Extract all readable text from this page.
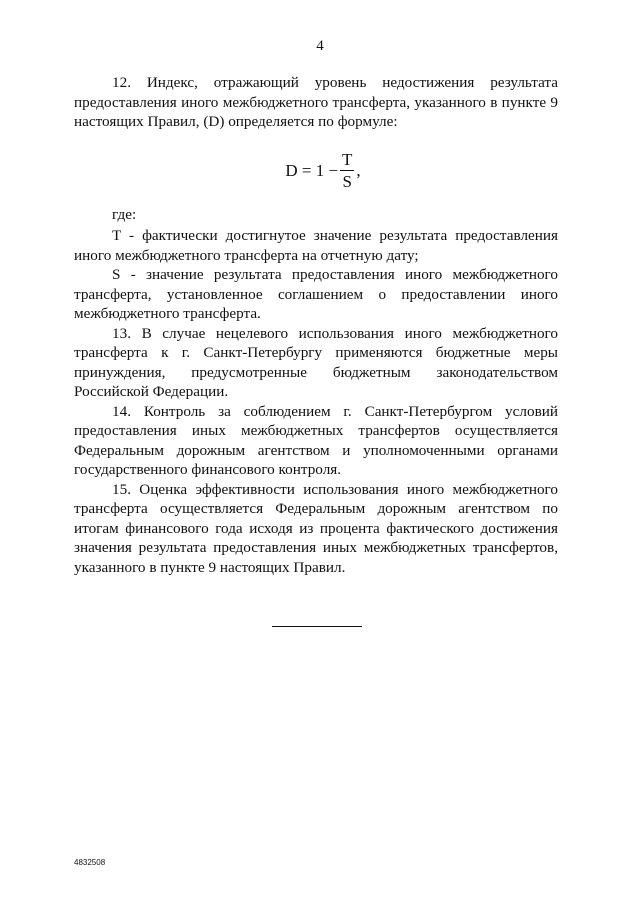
4

12. Индекс, отражающий уровень недостижения результата предоставления иного межбюджетного трансферта, указанного в пункте 9 настоящих Правил, (D) определяется по формуле:

$D = 1 - \frac{T}{S}$ ,
где:

T - фактически достигнутое значение результата предоставления иного межбюджетного трансферта на отчетную дату;

S - значение результата предоставления иного межбюджетного трансферта, установленное соглашением о предоставлении иного межбюджетного трансферта.

13. В случае нецелевого использования иного межбюджетного трансферта к г. Санкт-Петербургу применяются бюджетные меры принуждения, предусмотренные бюджетным законодательством Российской Федерации.

14. Контроль за соблюдением г. Санкт-Петербургом условий предоставления иных межбюджетных трансфертов осуществляется Федеральным дорожным агентством и уполномоченными органами государственного финансового контроля.

15. Оценка эффективности использования иного межбюджетного трансферта осуществляется Федеральным дорожным агентством по итогам финансового года исходя из процента фактического достижения значения результата предоставления иных межбюджетных трансфертов, указанного в пункте 9 настоящих Правил.

4832508
